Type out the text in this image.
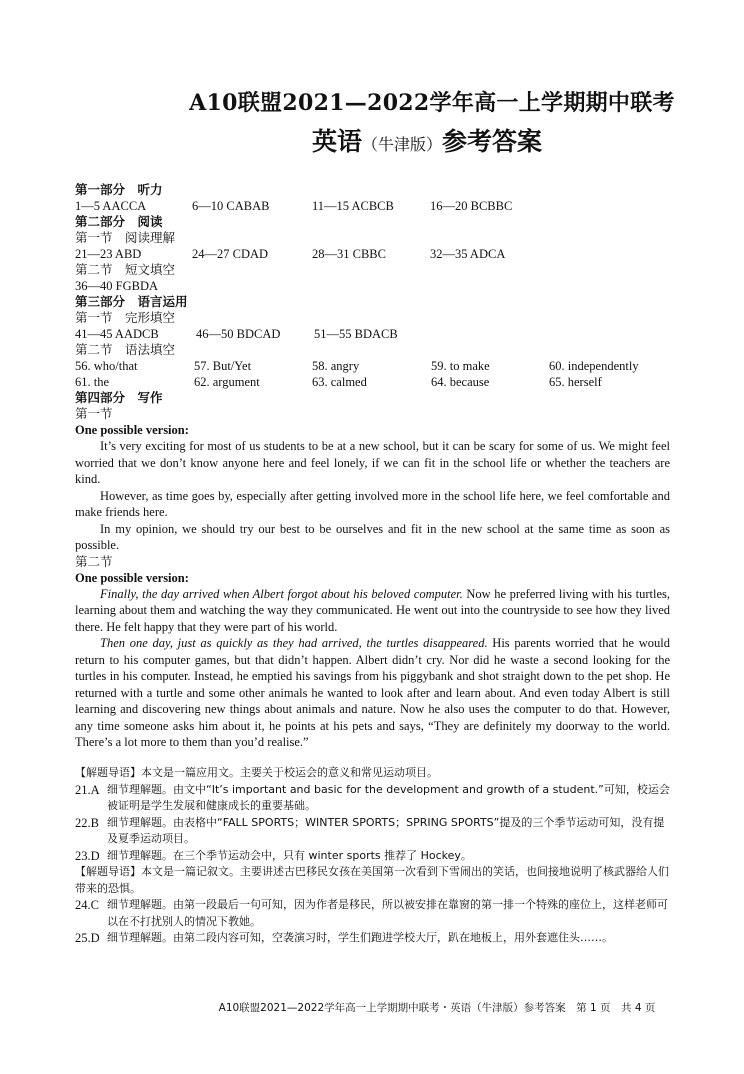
A10联盟2021—2022学年高一上学期期中联考
英语（牛津版）参考答案
第一部分　听力
1—5 AACCA	6—10 CABAB	11—15 ACBCB	16—20 BCBBC
第二部分　阅读
第一节　阅读理解
21—23 ABD	24—27 CDAD	28—31 CBBC	32—35 ADCA
第二节　短文填空
36—40 FGBDA
第三部分　语言运用
第一节　完形填空
41—45 AADCB	46—50 BDCAD	51—55 BDACB
第二节　语法填空
56. who/that	57. But/Yet	58. angry	59. to make	60. independently
61. the	62. argument	63. calmed	64. because	65. herself
第四部分　写作
第一节
One possible version:

It’s very exciting for most of us students to be at a new school, but it can be scary for some of us. We might feel worried that we don’t know anyone here and feel lonely, if we can fit in the school life or whether the teachers are kind.

However, as time goes by, especially after getting involved more in the school life here, we feel comfortable and make friends here.

In my opinion, we should try our best to be ourselves and fit in the new school at the same time as soon as possible.

第二节
One possible version:

Finally, the day arrived when Albert forgot about his beloved computer. Now he preferred living with his turtles, learning about them and watching the way they communicated. He went out into the countryside to see how they lived there. He felt happy that they were part of his world.

Then one day, just as quickly as they had arrived, the turtles disappeared. His parents worried that he would return to his computer games, but that didn’t happen. Albert didn’t cry. Nor did he waste a second looking for the turtles in his computer. Instead, he emptied his savings from his piggybank and shot straight down to the pet shop. He returned with a turtle and some other animals he wanted to look after and learn about. And even today Albert is still learning and discovering new things about animals and nature. Now he also uses the computer to do that. However, any time someone asks him about it, he points at his pets and says, “They are definitely my doorway to the world. There’s a lot more to them than you’d realise.”

【解题导语】本文是一篇应用文。主要关于校运会的意义和常见运动项目。
21.A 细节理解题。由文中“It’s important and basic for the development and growth of a student.”可知，校运会被证明是学生发展和健康成长的重要基础。
22.B 细节理解题。由表格中“FALL SPORTS；WINTER SPORTS；SPRING SPORTS”提及的三个季节运动可知，没有提及夏季运动项目。
23.D 细节理解题。在三个季节运动会中，只有 winter sports 推荐了 Hockey。
【解题导语】本文是一篇记叙文。主要讲述古巴移民女孩在美国第一次看到下雪闹出的笑话，也间接地说明了核武器给人们带来的恐惧。
24.C 细节理解题。由第一段最后一句可知，因为作者是移民，所以被安排在靠窗的第一排一个特殊的座位上，这样老师可以在不打扰别人的情况下教她。
25.D 细节理解题。由第二段内容可知，空袭演习时，学生们跑进学校大厅，趴在地板上，用外套遮住头……。
A10联盟2021—2022学年高一上学期期中联考・英语（牛津版）参考答案　第 1 页　共 4 页
